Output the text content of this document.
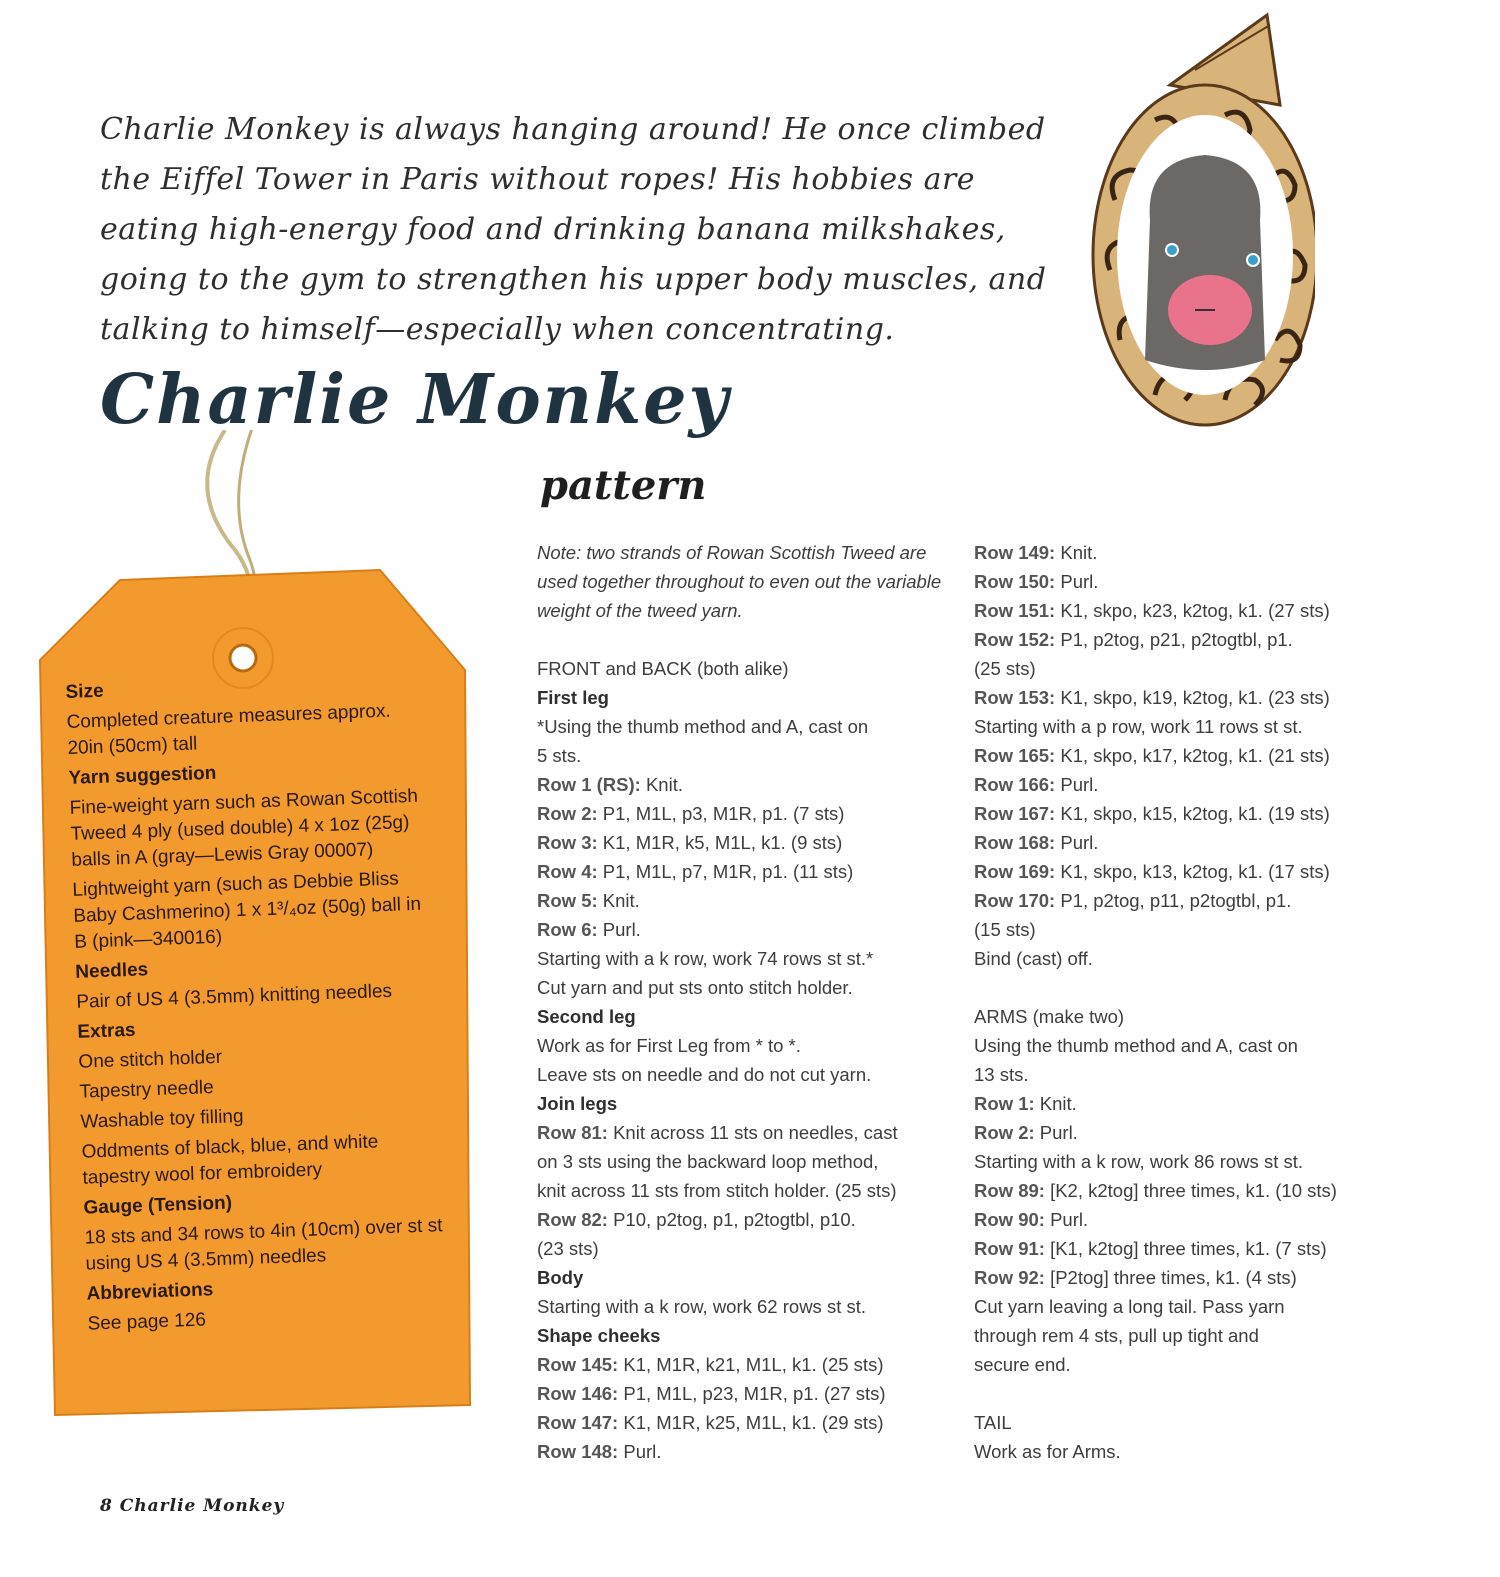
Charlie Monkey is always hanging around! He once climbed the Eiffel Tower in Paris without ropes! His hobbies are eating high-energy food and drinking banana milkshakes, going to the gym to strengthen his upper body muscles, and talking to himself—especially when concentrating.

Charlie Monkey
pattern
Size
Completed creature measures approx. 20in (50cm) tall
Yarn suggestion
Fine-weight yarn such as Rowan Scottish Tweed 4 ply (used double) 4 x 1oz (25g) balls in A (gray—Lewis Gray 00007)
Lightweight yarn (such as Debbie Bliss Baby Cashmerino) 1 x 1³/₄oz (50g) ball in B (pink—340016)
Needles
Pair of US 4 (3.5mm) knitting needles
Extras
One stitch holder
Tapestry needle
Washable toy filling
Oddments of black, blue, and white tapestry wool for embroidery
Gauge (Tension)
18 sts and 34 rows to 4in (10cm) over st st using US 4 (3.5mm) needles
Abbreviations
See page 126
Note: two strands of Rowan Scottish Tweed are used together throughout to even out the variable weight of the tweed yarn.
FRONT and BACK (both alike)
First leg
*Using the thumb method and A, cast on
5 sts.
Row 1 (RS): Knit.
Row 2: P1, M1L, p3, M1R, p1. (7 sts)
Row 3: K1, M1R, k5, M1L, k1. (9 sts)
Row 4: P1, M1L, p7, M1R, p1. (11 sts)
Row 5: Knit.
Row 6: Purl.
Starting with a k row, work 74 rows st st.*
Cut yarn and put sts onto stitch holder.
Second leg
Work as for First Leg from * to *.
Leave sts on needle and do not cut yarn.
Join legs
Row 81: Knit across 11 sts on needles, cast
on 3 sts using the backward loop method,
knit across 11 sts from stitch holder. (25 sts)
Row 82: P10, p2tog, p1, p2togtbl, p10.
(23 sts)
Body
Starting with a k row, work 62 rows st st.
Shape cheeks
Row 145: K1, M1R, k21, M1L, k1. (25 sts)
Row 146: P1, M1L, p23, M1R, p1. (27 sts)
Row 147: K1, M1R, k25, M1L, k1. (29 sts)
Row 148: Purl.
Row 149: Knit.
Row 150: Purl.
Row 151: K1, skpo, k23, k2tog, k1. (27 sts)
Row 152: P1, p2tog, p21, p2togtbl, p1.
(25 sts)
Row 153: K1, skpo, k19, k2tog, k1. (23 sts)
Starting with a p row, work 11 rows st st.
Row 165: K1, skpo, k17, k2tog, k1. (21 sts)
Row 166: Purl.
Row 167: K1, skpo, k15, k2tog, k1. (19 sts)
Row 168: Purl.
Row 169: K1, skpo, k13, k2tog, k1. (17 sts)
Row 170: P1, p2tog, p11, p2togtbl, p1.
(15 sts)
Bind (cast) off.
ARMS (make two)
Using the thumb method and A, cast on
13 sts.
Row 1: Knit.
Row 2: Purl.
Starting with a k row, work 86 rows st st.
Row 89: [K2, k2tog] three times, k1. (10 sts)
Row 90: Purl.
Row 91: [K1, k2tog] three times, k1. (7 sts)
Row 92: [P2tog] three times, k1. (4 sts)
Cut yarn leaving a long tail. Pass yarn
through rem 4 sts, pull up tight and
secure end.
TAIL
Work as for Arms.

8 Charlie Monkey
